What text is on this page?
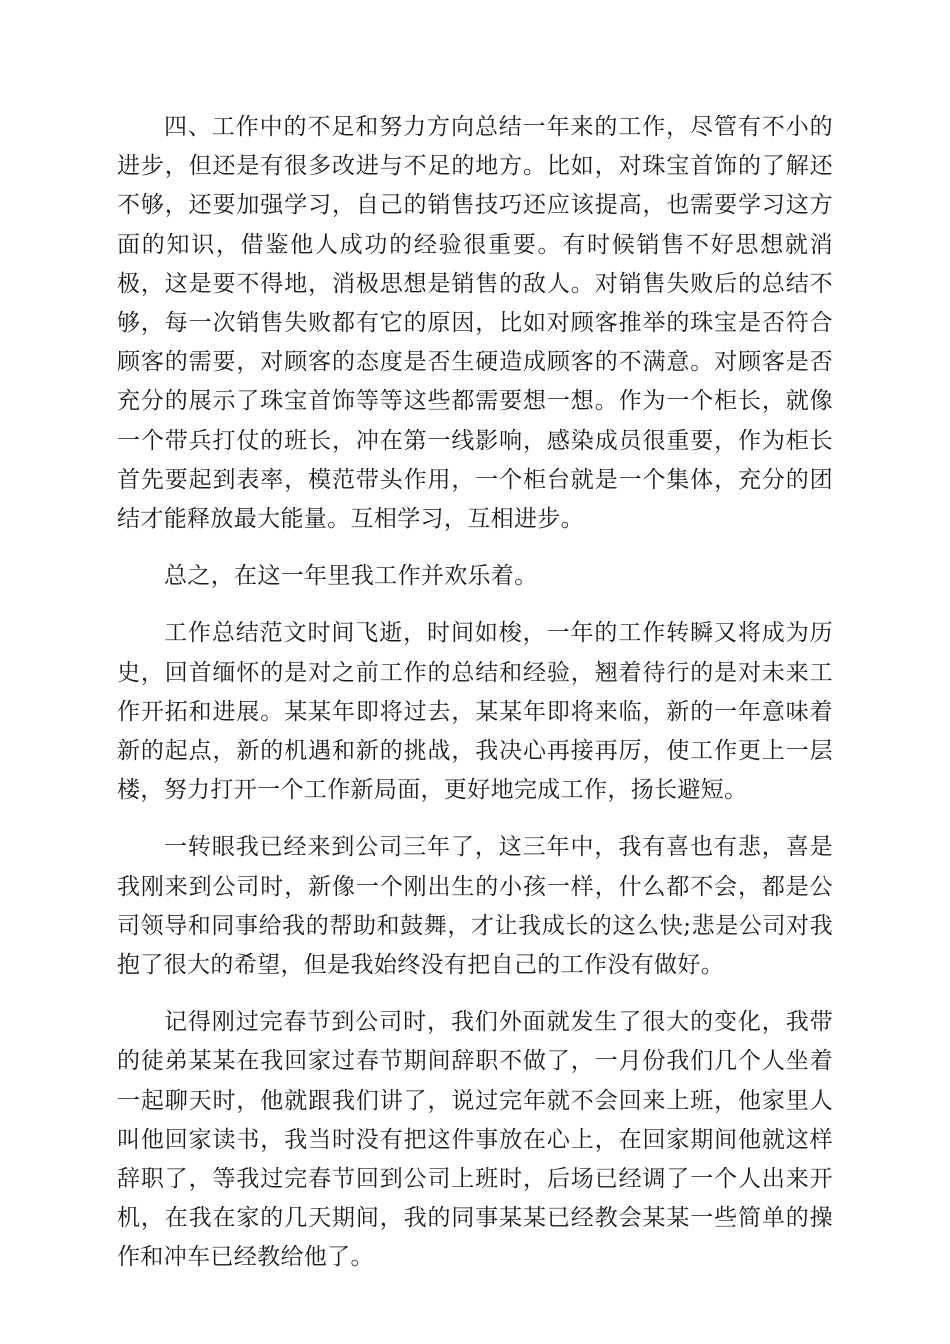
四、工作中的不足和努力方向总结一年来的工作，尽管有不小的进步，但还是有很多改进与不足的地方。比如，对珠宝首饰的了解还不够，还要加强学习，自己的销售技巧还应该提高，也需要学习这方面的知识，借鉴他人成功的经验很重要。有时候销售不好思想就消极，这是要不得地，消极思想是销售的敌人。对销售失败后的总结不够，每一次销售失败都有它的原因，比如对顾客推举的珠宝是否符合顾客的需要，对顾客的态度是否生硬造成顾客的不满意。对顾客是否充分的展示了珠宝首饰等等这些都需要想一想。作为一个柜长，就像一个带兵打仗的班长，冲在第一线影响，感染成员很重要，作为柜长首先要起到表率，模范带头作用，一个柜台就是一个集体，充分的团结才能释放最大能量。互相学习，互相进步。

总之，在这一年里我工作并欢乐着。

工作总结范文时间飞逝，时间如梭，一年的工作转瞬又将成为历史，回首缅怀的是对之前工作的总结和经验，翘着待行的是对未来工作开拓和进展。某某年即将过去，某某年即将来临，新的一年意味着新的起点，新的机遇和新的挑战，我决心再接再厉，使工作更上一层楼，努力打开一个工作新局面，更好地完成工作，扬长避短。

一转眼我已经来到公司三年了，这三年中，我有喜也有悲，喜是我刚来到公司时，新像一个刚出生的小孩一样，什么都不会，都是公司领导和同事给我的帮助和鼓舞，才让我成长的这么快;悲是公司对我抱了很大的希望，但是我始终没有把自己的工作没有做好。

记得刚过完春节到公司时，我们外面就发生了很大的变化，我带的徒弟某某在我回家过春节期间辞职不做了，一月份我们几个人坐着一起聊天时，他就跟我们讲了，说过完年就不会回来上班，他家里人叫他回家读书，我当时没有把这件事放在心上，在回家期间他就这样辞职了，等我过完春节回到公司上班时，后场已经调了一个人出来开机，在我在家的几天期间，我的同事某某已经教会某某一些简单的操作和冲车已经教给他了。
